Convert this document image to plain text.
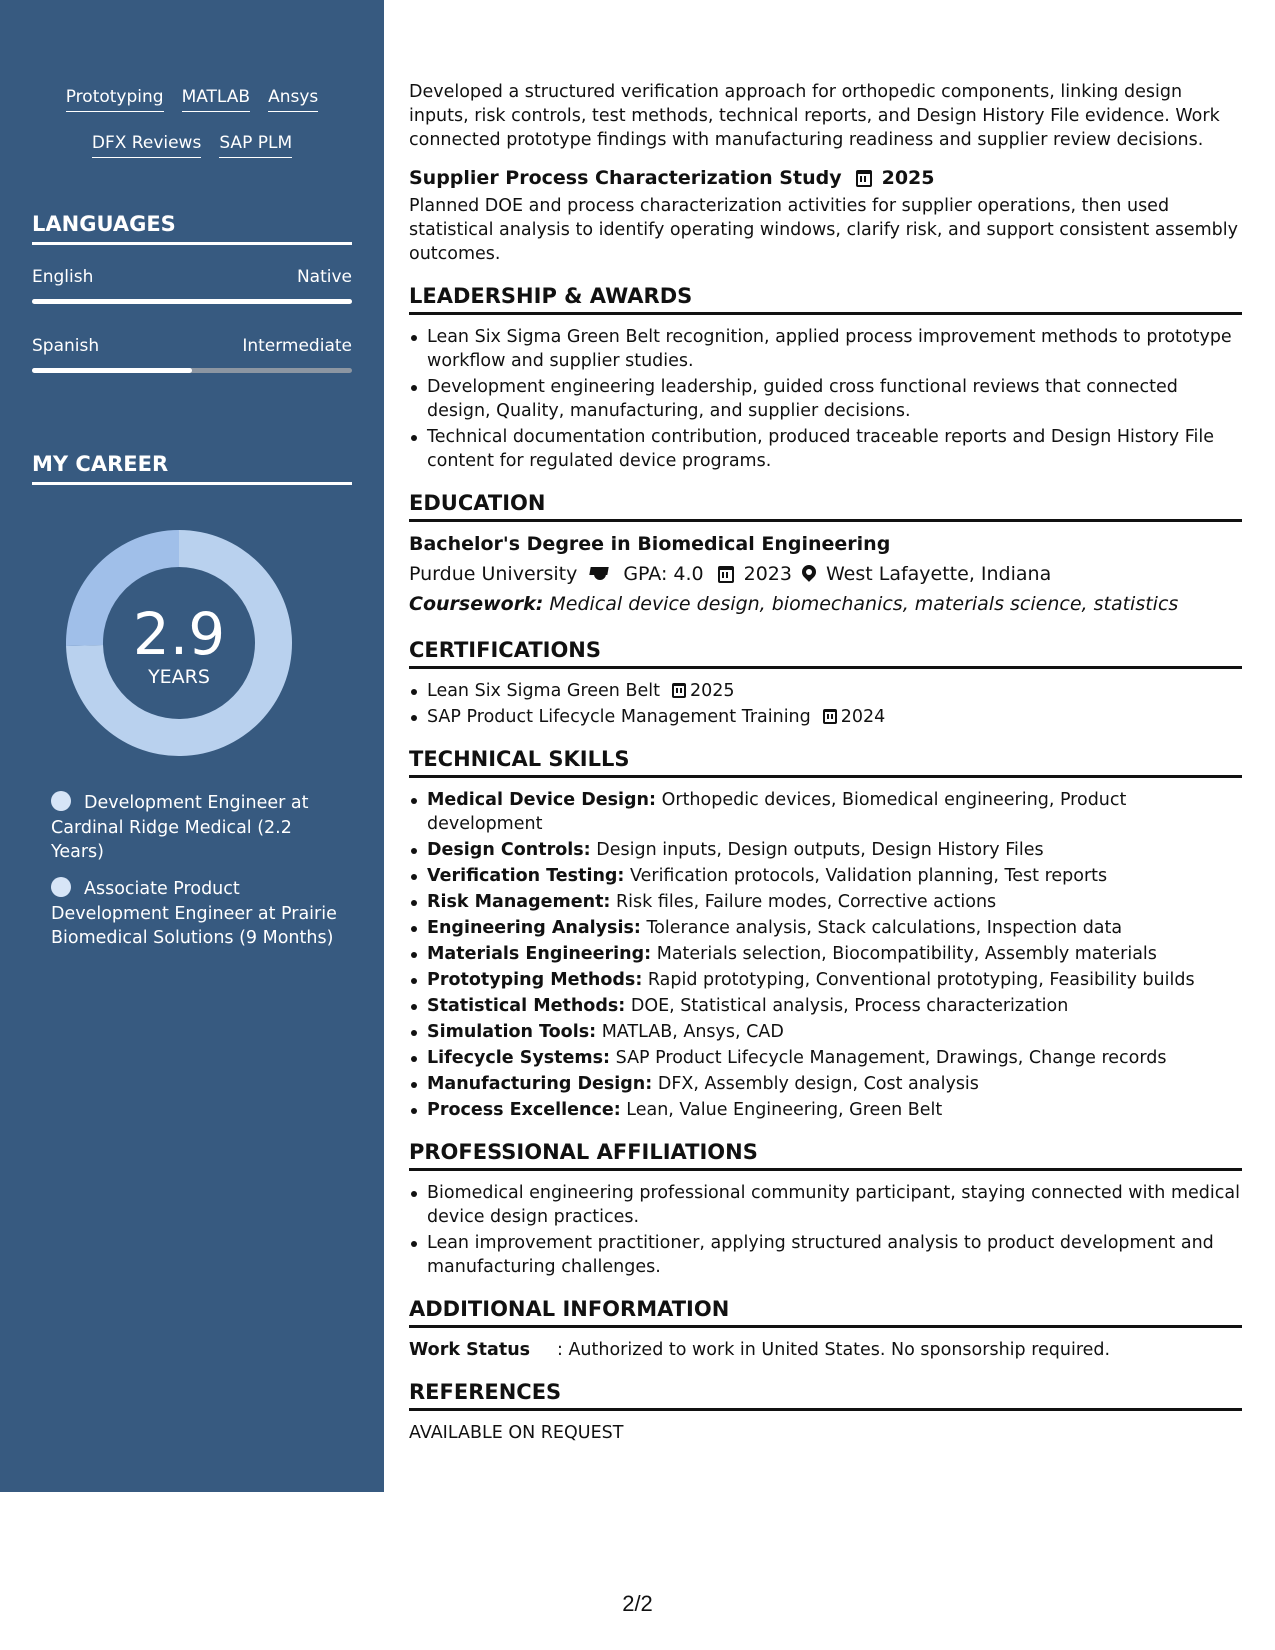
Prototyping MATLAB Ansys
DFX Reviews SAP PLM
LANGUAGES
English	Native
Spanish	Intermediate
MY CAREER
2.9
YEARS
Development Engineer at Cardinal Ridge Medical (2.2 Years)
Associate Product Development Engineer at Prairie Biomedical Solutions (9 Months)

Developed a structured verification approach for orthopedic components, linking design inputs, risk controls, test methods, technical reports, and Design History File evidence. Work connected prototype findings with manufacturing readiness and supplier review decisions.

Supplier Process Characterization Study 2025

Planned DOE and process characterization activities for supplier operations, then used statistical analysis to identify operating windows, clarify risk, and support consistent assembly outcomes.

LEADERSHIP & AWARDS
Lean Six Sigma Green Belt recognition, applied process improvement methods to prototype workflow and supplier studies.
Development engineering leadership, guided cross functional reviews that connected design, Quality, manufacturing, and supplier decisions.
Technical documentation contribution, produced traceable reports and Design History File content for regulated device programs.
EDUCATION
Bachelor's Degree in Biomedical Engineering
Purdue University GPA: 4.0 2023 West Lafayette, Indiana
Coursework: Medical device design, biomechanics, materials science, statistics
CERTIFICATIONS
Lean Six Sigma Green Belt 2025
SAP Product Lifecycle Management Training 2024
TECHNICAL SKILLS
Medical Device Design: Orthopedic devices, Biomedical engineering, Product development
Design Controls: Design inputs, Design outputs, Design History Files
Verification Testing: Verification protocols, Validation planning, Test reports
Risk Management: Risk files, Failure modes, Corrective actions
Engineering Analysis: Tolerance analysis, Stack calculations, Inspection data
Materials Engineering: Materials selection, Biocompatibility, Assembly materials
Prototyping Methods: Rapid prototyping, Conventional prototyping, Feasibility builds
Statistical Methods: DOE, Statistical analysis, Process characterization
Simulation Tools: MATLAB, Ansys, CAD
Lifecycle Systems: SAP Product Lifecycle Management, Drawings, Change records
Manufacturing Design: DFX, Assembly design, Cost analysis
Process Excellence: Lean, Value Engineering, Green Belt
PROFESSIONAL AFFILIATIONS
Biomedical engineering professional community participant, staying connected with medical device design practices.
Lean improvement practitioner, applying structured analysis to product development and manufacturing challenges.
ADDITIONAL INFORMATION
Work Status	: Authorized to work in United States. No sponsorship required.
REFERENCES
AVAILABLE ON REQUEST
2/2
